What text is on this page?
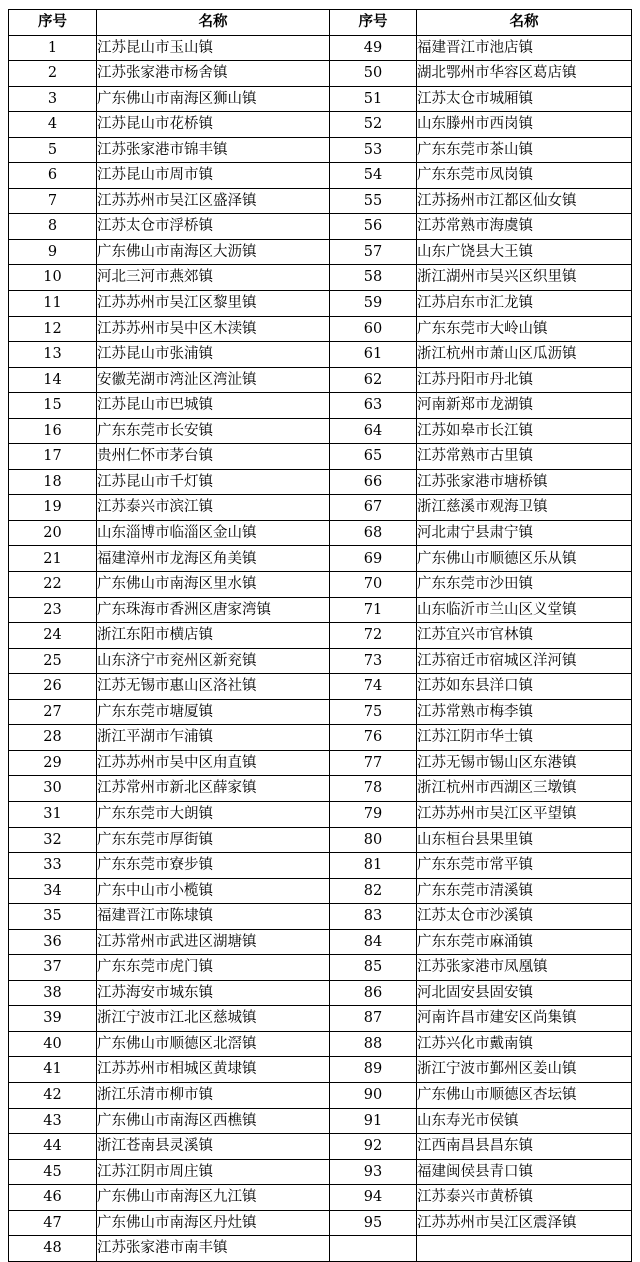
序号	名称	序号	名称
1	江苏昆山市玉山镇	49	福建晋江市池店镇
2	江苏张家港市杨舍镇	50	湖北鄂州市华容区葛店镇
3	广东佛山市南海区狮山镇	51	江苏太仓市城厢镇
4	江苏昆山市花桥镇	52	山东滕州市西岗镇
5	江苏张家港市锦丰镇	53	广东东莞市茶山镇
6	江苏昆山市周市镇	54	广东东莞市凤岗镇
7	江苏苏州市吴江区盛泽镇	55	江苏扬州市江都区仙女镇
8	江苏太仓市浮桥镇	56	江苏常熟市海虞镇
9	广东佛山市南海区大沥镇	57	山东广饶县大王镇
10	河北三河市燕郊镇	58	浙江湖州市吴兴区织里镇
11	江苏苏州市吴江区黎里镇	59	江苏启东市汇龙镇
12	江苏苏州市吴中区木渎镇	60	广东东莞市大岭山镇
13	江苏昆山市张浦镇	61	浙江杭州市萧山区瓜沥镇
14	安徽芜湖市湾沚区湾沚镇	62	江苏丹阳市丹北镇
15	江苏昆山市巴城镇	63	河南新郑市龙湖镇
16	广东东莞市长安镇	64	江苏如皋市长江镇
17	贵州仁怀市茅台镇	65	江苏常熟市古里镇
18	江苏昆山市千灯镇	66	江苏张家港市塘桥镇
19	江苏泰兴市滨江镇	67	浙江慈溪市观海卫镇
20	山东淄博市临淄区金山镇	68	河北肃宁县肃宁镇
21	福建漳州市龙海区角美镇	69	广东佛山市顺德区乐从镇
22	广东佛山市南海区里水镇	70	广东东莞市沙田镇
23	广东珠海市香洲区唐家湾镇	71	山东临沂市兰山区义堂镇
24	浙江东阳市横店镇	72	江苏宜兴市官林镇
25	山东济宁市兖州区新兖镇	73	江苏宿迁市宿城区洋河镇
26	江苏无锡市惠山区洛社镇	74	江苏如东县洋口镇
27	广东东莞市塘厦镇	75	江苏常熟市梅李镇
28	浙江平湖市乍浦镇	76	江苏江阴市华士镇
29	江苏苏州市吴中区甪直镇	77	江苏无锡市锡山区东港镇
30	江苏常州市新北区薛家镇	78	浙江杭州市西湖区三墩镇
31	广东东莞市大朗镇	79	江苏苏州市吴江区平望镇
32	广东东莞市厚街镇	80	山东桓台县果里镇
33	广东东莞市寮步镇	81	广东东莞市常平镇
34	广东中山市小榄镇	82	广东东莞市清溪镇
35	福建晋江市陈埭镇	83	江苏太仓市沙溪镇
36	江苏常州市武进区湖塘镇	84	广东东莞市麻涌镇
37	广东东莞市虎门镇	85	江苏张家港市凤凰镇
38	江苏海安市城东镇	86	河北固安县固安镇
39	浙江宁波市江北区慈城镇	87	河南许昌市建安区尚集镇
40	广东佛山市顺德区北滘镇	88	江苏兴化市戴南镇
41	江苏苏州市相城区黄埭镇	89	浙江宁波市鄞州区姜山镇
42	浙江乐清市柳市镇	90	广东佛山市顺德区杏坛镇
43	广东佛山市南海区西樵镇	91	山东寿光市侯镇
44	浙江苍南县灵溪镇	92	江西南昌县昌东镇
45	江苏江阴市周庄镇	93	福建闽侯县青口镇
46	广东佛山市南海区九江镇	94	江苏泰兴市黄桥镇
47	广东佛山市南海区丹灶镇	95	江苏苏州市吴江区震泽镇
48	江苏张家港市南丰镇		
